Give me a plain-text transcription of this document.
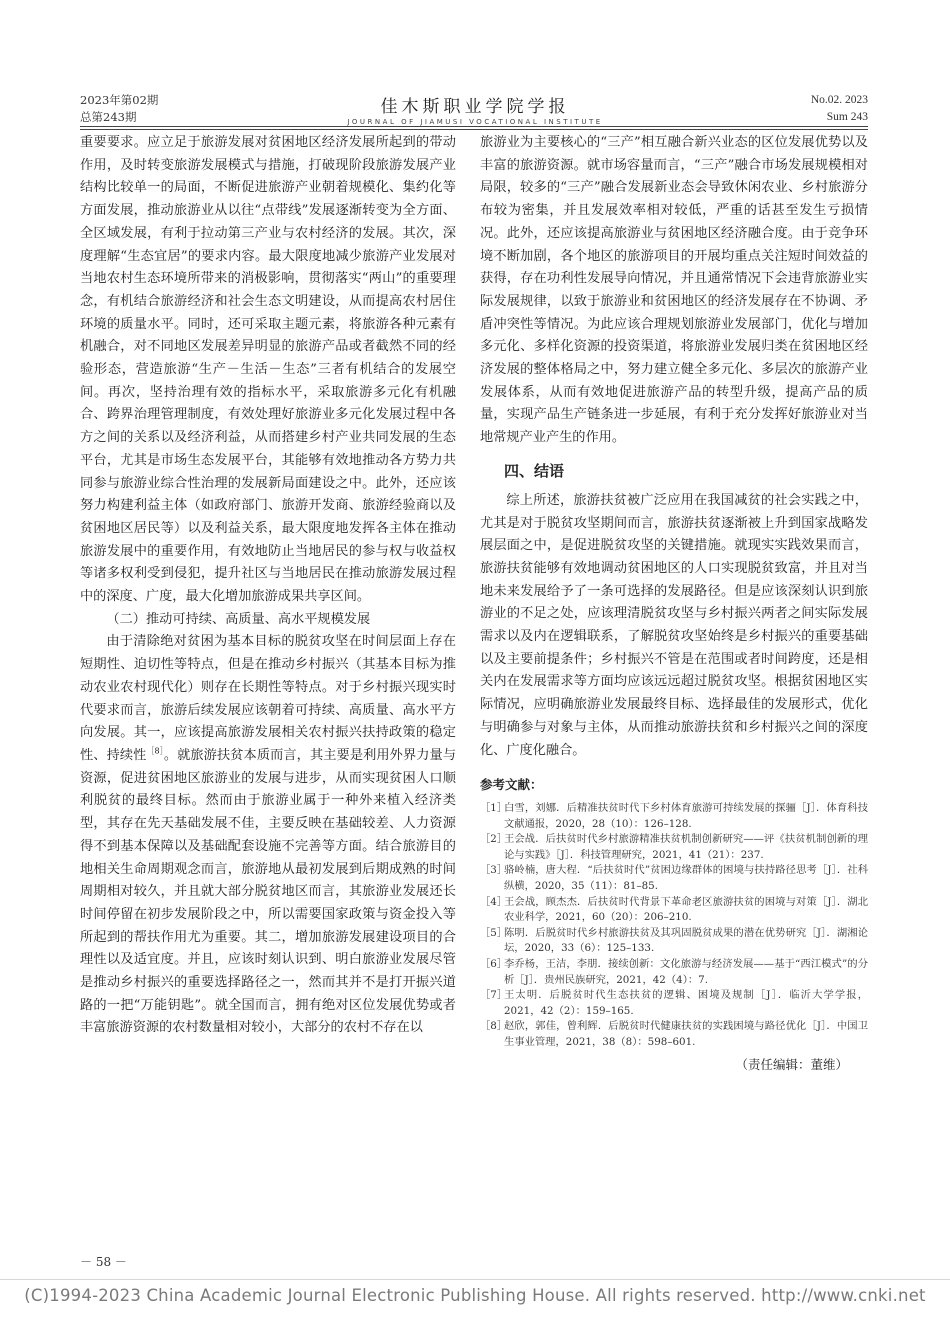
2023年第02期
总第243期	佳木斯职业学院学报
JOURNAL OF JIAMUSI VOCATIONAL INSTITUTE
No.02. 2023
Sum 243

重要要求。应立足于旅游发展对贫困地区经济发展所起到的带动作用，及时转变旅游发展模式与措施，打破现阶段旅游发展产业结构比较单一的局面，不断促进旅游产业朝着规模化、集约化等方面发展，推动旅游业从以往“点带线”发展逐渐转变为全方面、全区域发展，有利于拉动第三产业与农村经济的发展。其次，深度理解“生态宜居”的要求内容。最大限度地减少旅游产业发展对当地农村生态环境所带来的消极影响，贯彻落实“两山”的重要理念，有机结合旅游经济和社会生态文明建设，从而提高农村居住环境的质量水平。同时，还可采取主题元素，将旅游各种元素有机融合，对不同地区发展差异明显的旅游产品或者截然不同的经验形态，营造旅游“生产－生活－生态”三者有机结合的发展空间。再次，坚持治理有效的指标水平，采取旅游多元化有机融合、跨界治理管理制度，有效处理好旅游业多元化发展过程中各方之间的关系以及经济利益，从而搭建乡村产业共同发展的生态平台，尤其是市场生态发展平台，其能够有效地推动各方势力共同参与旅游业综合性治理的发展新局面建设之中。此外，还应该努力构建利益主体（如政府部门、旅游开发商、旅游经验商以及贫困地区居民等）以及利益关系，最大限度地发挥各主体在推动旅游发展中的重要作用，有效地防止当地居民的参与权与收益权等诸多权利受到侵犯，提升社区与当地居民在推动旅游发展过程中的深度、广度，最大化增加旅游成果共享区间。

（二）推动可持续、高质量、高水平规模发展

由于清除绝对贫困为基本目标的脱贫攻坚在时间层面上存在短期性、迫切性等特点，但是在推动乡村振兴（其基本目标为推动农业农村现代化）则存在长期性等特点。对于乡村振兴现实时代要求而言，旅游后续发展应该朝着可持续、高质量、高水平方向发展。其一，应该提高旅游发展相关农村振兴扶持政策的稳定性、持续性$^{[8]}$。就旅游扶贫本质而言，其主要是利用外界力量与资源，促进贫困地区旅游业的发展与进步，从而实现贫困人口顺利脱贫的最终目标。然而由于旅游业属于一种外来植入经济类型，其存在先天基础发展不佳，主要反映在基础较差、人力资源得不到基本保障以及基础配套设施不完善等方面。结合旅游目的地相关生命周期观念而言，旅游地从最初发展到后期成熟的时间周期相对较久，并且就大部分脱贫地区而言，其旅游业发展还长时间停留在初步发展阶段之中，所以需要国家政策与资金投入等所起到的帮扶作用尤为重要。其二，增加旅游发展建设项目的合理性以及适宜度。并且，应该时刻认识到、明白旅游业发展尽管是推动乡村振兴的重要选择路径之一，然而其并不是打开振兴道路的一把“万能钥匙”。就全国而言，拥有绝对区位发展优势或者丰富旅游资源的农村数量相对较小，大部分的农村不存在以

旅游业为主要核心的“三产”相互融合新兴业态的区位发展优势以及丰富的旅游资源。就市场容量而言，“三产”融合市场发展规模相对局限，较多的“三产”融合发展新业态会导致休闲农业、乡村旅游分布较为密集，并且发展效率相对较低，严重的话甚至发生亏损情况。此外，还应该提高旅游业与贫困地区经济融合度。由于竞争环境不断加剧，各个地区的旅游项目的开展均重点关注短时间效益的获得，存在功利性发展导向情况，并且通常情况下会违背旅游业实际发展规律，以致于旅游业和贫困地区的经济发展存在不协调、矛盾冲突性等情况。为此应该合理规划旅游业发展部门，优化与增加多元化、多样化资源的投资渠道，将旅游业发展归类在贫困地区经济发展的整体格局之中，努力建立健全多元化、多层次的旅游产业发展体系，从而有效地促进旅游产品的转型升级，提高产品的质量，实现产品生产链条进一步延展，有利于充分发挥好旅游业对当地常规产业产生的作用。

四、结语

综上所述，旅游扶贫被广泛应用在我国减贫的社会实践之中，尤其是对于脱贫攻坚期间而言，旅游扶贫逐渐被上升到国家战略发展层面之中，是促进脱贫攻坚的关键措施。就现实实践效果而言，旅游扶贫能够有效地调动贫困地区的人口实现脱贫致富，并且对当地未来发展给予了一条可选择的发展路径。但是应该深刻认识到旅游业的不足之处，应该理清脱贫攻坚与乡村振兴两者之间实际发展需求以及内在逻辑联系，了解脱贫攻坚始终是乡村振兴的重要基础以及主要前提条件；乡村振兴不管是在范围或者时间跨度，还是相关内在发展需求等方面均应该远远超过脱贫攻坚。根据贫困地区实际情况，应明确旅游业发展最终目标、选择最佳的发展形式，优化与明确参与对象与主体，从而推动旅游扶贫和乡村振兴之间的深度化、广度化融合。

参考文献：
［1］
白雪，刘娜．后精准扶贫时代下乡村体育旅游可持续发展的探骊［J］．体育科技文献通报，2020，28（10）：126–128.
［2］
王会战．后扶贫时代乡村旅游精准扶贫机制创新研究——评《扶贫机制创新的理论与实践》［J］．科技管理研究，2021，41（21）：237.
［3］
骆岭楠，唐大程．“后扶贫时代”贫困边缘群体的困境与扶持路径思考［J］．社科纵横，2020，35（11）：81–85.
［4］
王会战，顾杰杰．后扶贫时代背景下革命老区旅游扶贫的困境与对策［J］．湖北农业科学，2021，60（20）：206–210.
［5］
陈明．后脱贫时代乡村旅游扶贫及其巩固脱贫成果的潜在优势研究［J］．湖湘论坛，2020，33（6）：125–133.
［6］
李乔杨，王洁，李朋．接续创新：文化旅游与经济发展——基于“西江模式”的分析［J］．贵州民族研究，2021，42（4）：7.
［7］
王太明．后脱贫时代生态扶贫的逻辑、困境及规制［J］．临沂大学学报，2021，42（2）：159–165.
［8］
赵欣，郭佳，曾利辉．后脱贫时代健康扶贫的实践困境与路径优化［J］．中国卫生事业管理，2021，38（8）：598–601.
（责任编辑：董维）
－ 58 －
(C)1994-2023 China Academic Journal Electronic Publishing House. All rights reserved. http://www.cnki.net
